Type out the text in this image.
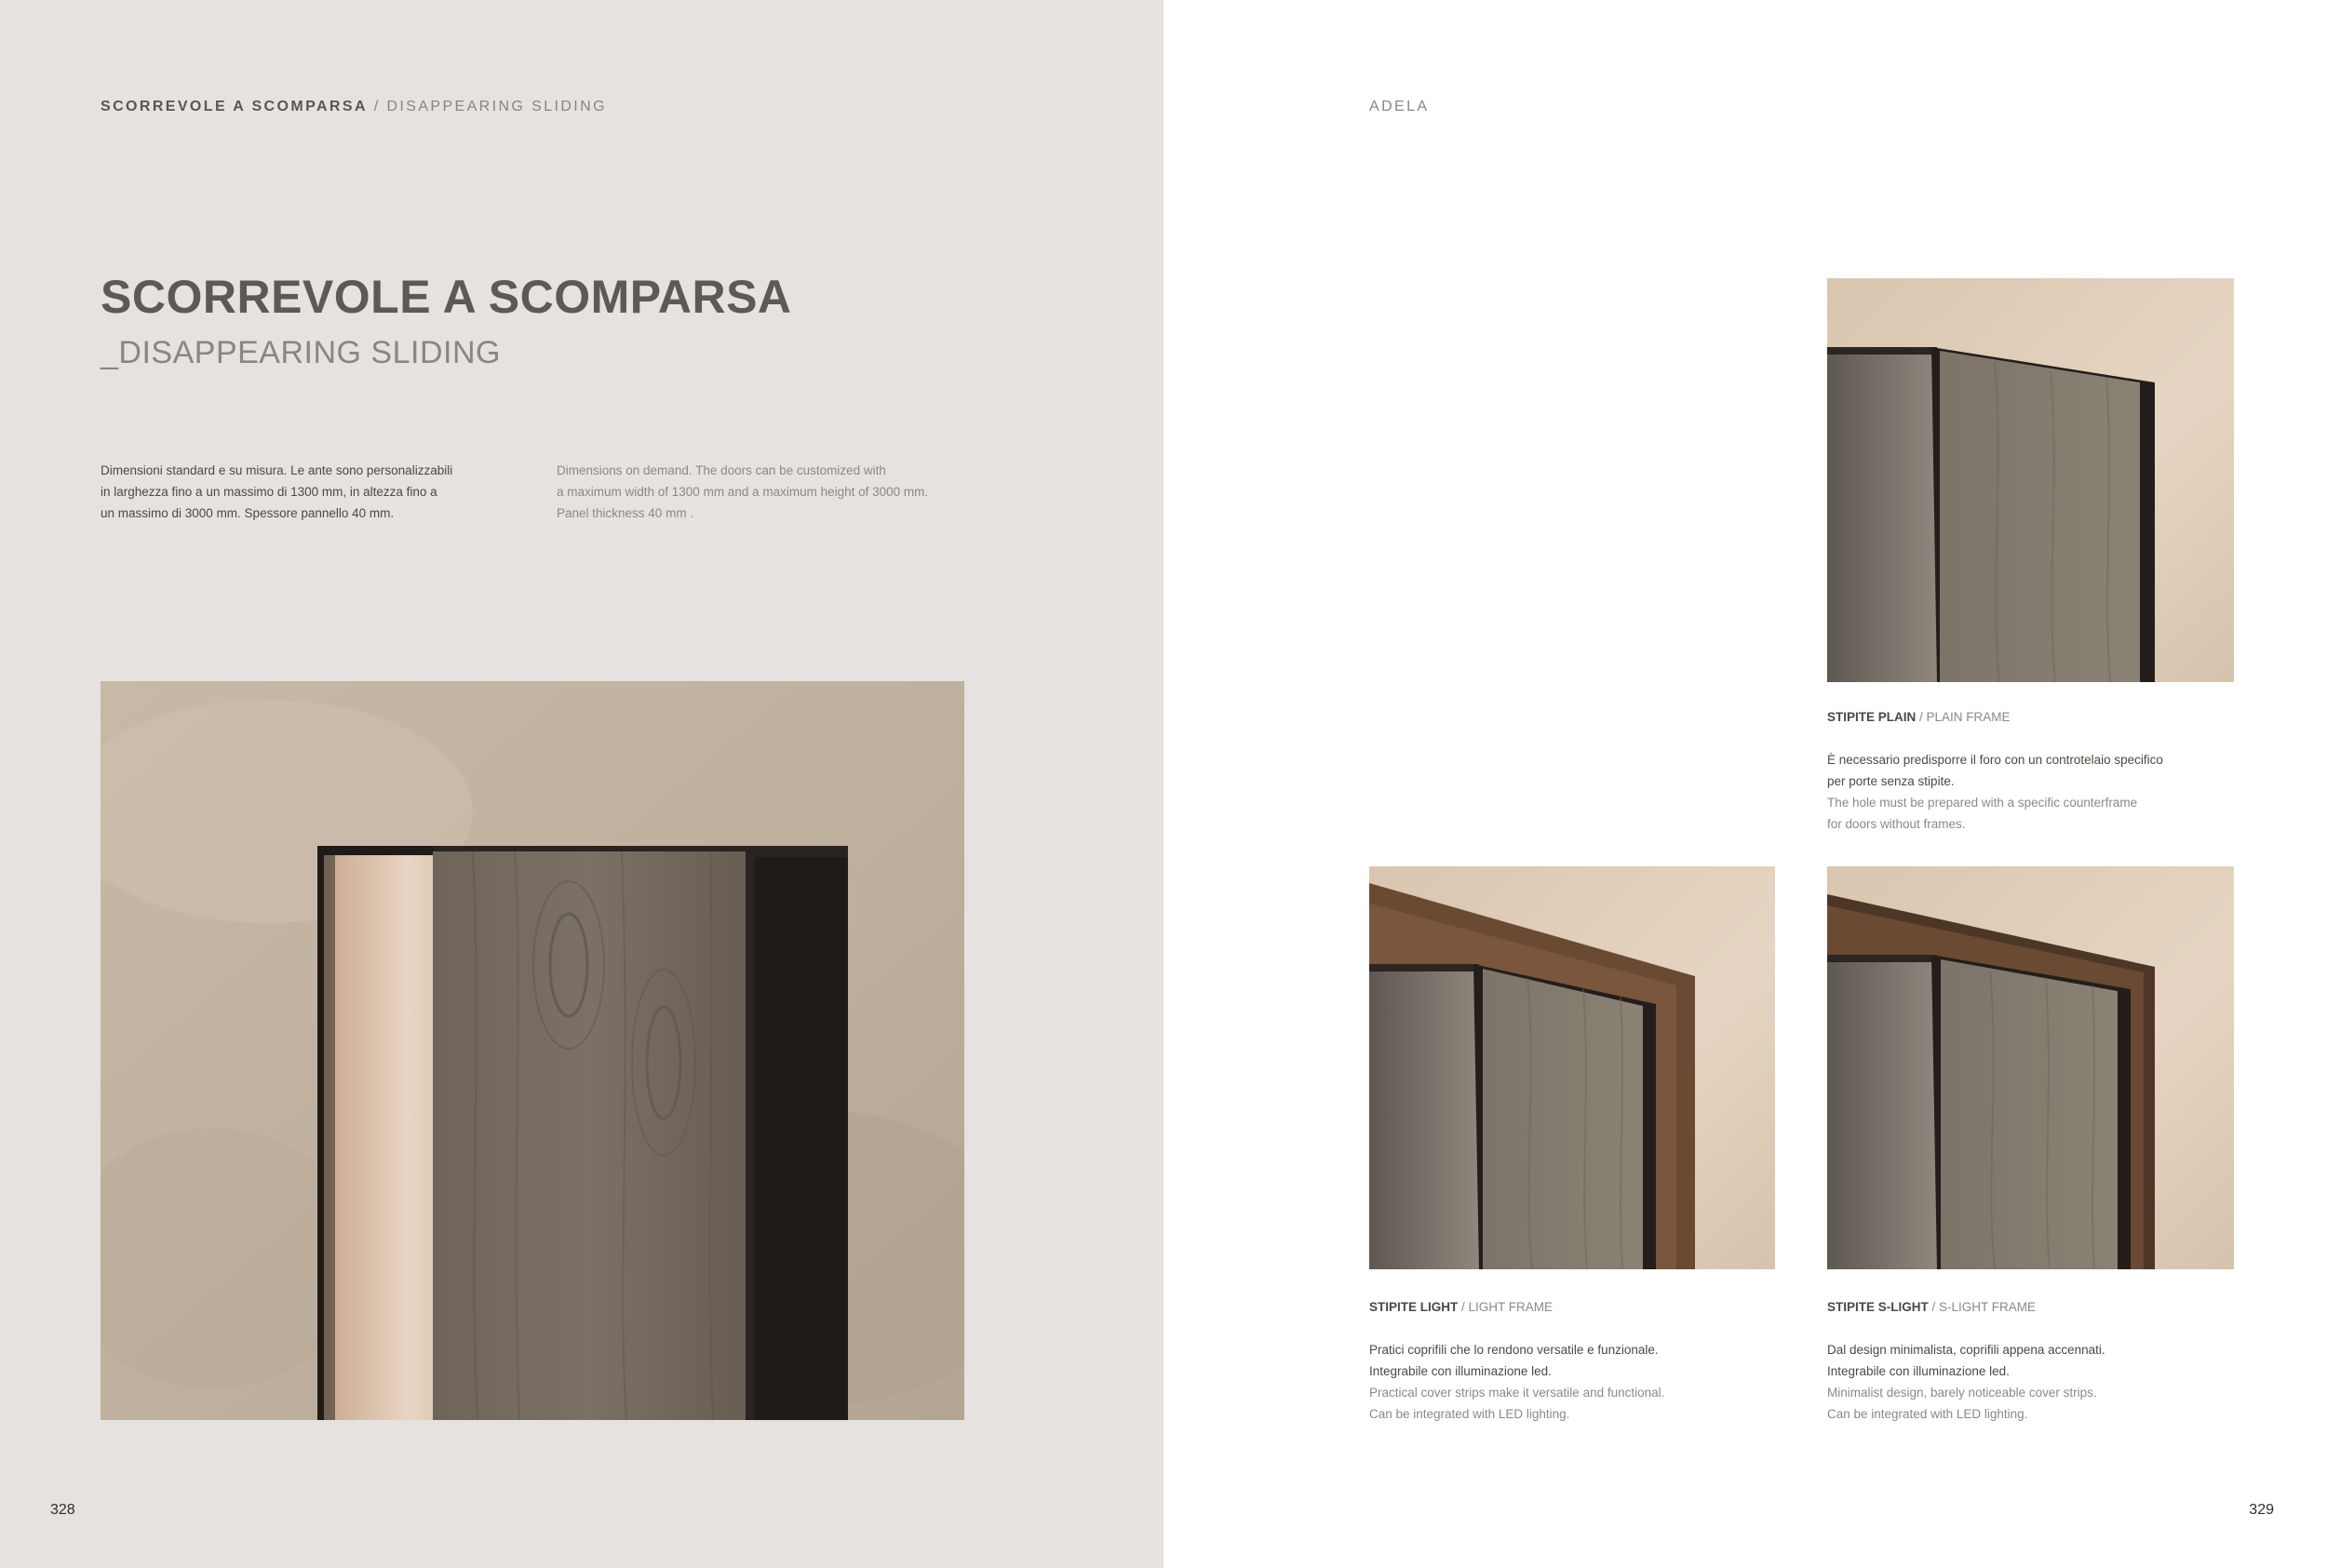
SCORREVOLE A SCOMPARSA / DISAPPEARING SLIDING
SCORREVOLE A SCOMPARSA
_DISAPPEARING SLIDING
Dimensioni standard e su misura. Le ante sono personalizzabili
in larghezza fino a un massimo di 1300 mm, in altezza fino a
un massimo di 3000 mm. Spessore pannello 40 mm.
Dimensions on demand. The doors can be customized with
a maximum width of 1300 mm and a maximum height of 3000 mm.
Panel thickness 40 mm .
328
ADELA
STIPITE PLAIN / PLAIN FRAME
È necessario predisporre il foro con un controtelaio specifico
per porte senza stipite.
The hole must be prepared with a specific counterframe
for doors without frames.
STIPITE LIGHT / LIGHT FRAME
Pratici coprifili che lo rendono versatile e funzionale.
Integrabile con illuminazione led.
Practical cover strips make it versatile and functional.
Can be integrated with LED lighting.
STIPITE S-LIGHT / S-LIGHT FRAME
Dal design minimalista, coprifili appena accennati.
Integrabile con illuminazione led.
Minimalist design, barely noticeable cover strips.
Can be integrated with LED lighting.
329
